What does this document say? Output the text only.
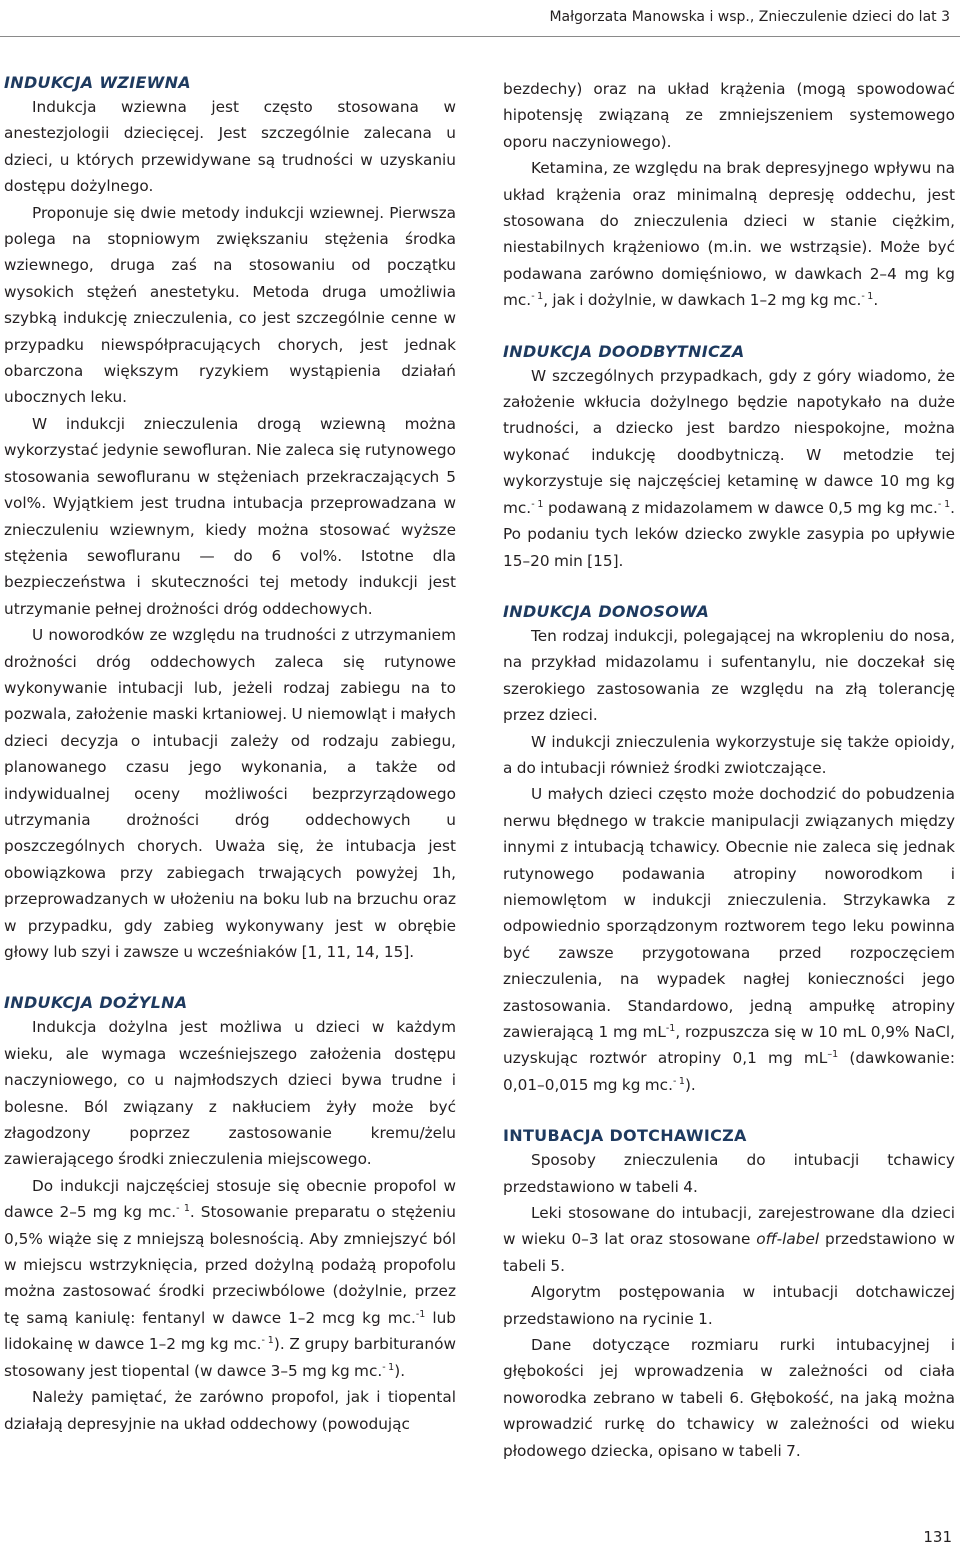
Małgorzata Manowska i wsp., Znieczulenie dzieci do lat 3
INDUKCJA WZIEWNA

Indukcja wziewna jest często stosowana w anestezjologii dziecięcej. Jest szczególnie zalecana u dzieci, u których przewidywane są trudności w uzyskaniu dostępu dożylnego.

Proponuje się dwie metody indukcji wziewnej. Pierwsza polega na stopniowym zwiększaniu stężenia środka wziewnego, druga zaś na stosowaniu od początku wysokich stężeń anestetyku. Metoda druga umożliwia szybką indukcję znieczulenia, co jest szczególnie cenne w przypadku niewspółpracujących chorych, jest jednak obarczona większym ryzykiem wystąpienia działań ubocznych leku.

W indukcji znieczulenia drogą wziewną można wykorzystać jedynie sewofluran. Nie zaleca się rutynowego stosowania sewofluranu w stężeniach przekraczających 5 vol%. Wyjątkiem jest trudna intubacja przeprowadzana w znieczuleniu wziewnym, kiedy można stosować wyższe stężenia sewofluranu — do 6 vol%. Istotne dla bezpieczeństwa i skuteczności tej metody indukcji jest utrzymanie pełnej drożności dróg oddechowych.

U noworodków ze względu na trudności z utrzymaniem drożności dróg oddechowych zaleca się rutynowe wykonywanie intubacji lub, jeżeli rodzaj zabiegu na to pozwala, założenie maski krtaniowej. U niemowląt i małych dzieci decyzja o intubacji zależy od rodzaju zabiegu, planowanego czasu jego wykonania, a także od indywidualnej oceny możliwości bezprzyrządowego utrzymania drożności dróg oddechowych u poszczególnych chorych. Uważa się, że intubacja jest obowiązkowa przy zabiegach trwających powyżej 1h, przeprowadzanych w ułożeniu na boku lub na brzuchu oraz w przypadku, gdy zabieg wykonywany jest w obrębie głowy lub szyi i zawsze u wcześniaków [1, 11, 14, 15].

INDUKCJA DOŻYLNA

Indukcja dożylna jest możliwa u dzieci w każdym wieku, ale wymaga wcześniejszego założenia dostępu naczyniowego, co u najmłodszych dzieci bywa trudne i bolesne. Ból związany z nakłuciem żyły może być złagodzony poprzez zastosowanie kremu/żelu zawierającego środki znieczulenia miejscowego.

Do indukcji najczęściej stosuje się obecnie propofol w dawce 2–5 mg kg mc.$^{- 1}$. Stosowanie preparatu o stężeniu 0,5% wiąże się z mniejszą bolesnością. Aby zmniejszyć ból w miejscu wstrzyknięcia, przed dożylną podażą propofolu można zastosować środki przeciwbólowe (dożylnie, przez tę samą kaniulę: fentanyl w dawce 1–2 mcg kg mc.$^{-1}$ lub lidokainę w dawce 1–2 mg kg mc.$^{- 1}$). Z grupy barbituranów stosowany jest tiopental (w dawce 3–5 mg kg mc.$^{- 1}$).

Należy pamiętać, że zarówno propofol, jak i tiopental działają depresyjnie na układ oddechowy (powodując

bezdechy) oraz na układ krążenia (mogą spowodować hipotensję związaną ze zmniejszeniem systemowego oporu naczyniowego).

Ketamina, ze względu na brak depresyjnego wpływu na układ krążenia oraz minimalną depresję oddechu, jest stosowana do znieczulenia dzieci w stanie ciężkim, niestabilnych krążeniowo (m.in. we wstrząsie). Może być podawana zarówno domięśniowo, w dawkach 2–4 mg kg mc.$^{- 1}$, jak i dożylnie, w dawkach 1–2 mg kg mc.$^{- 1}$.

INDUKCJA DOODBYTNICZA

W szczególnych przypadkach, gdy z góry wiadomo, że założenie wkłucia dożylnego będzie napotykało na duże trudności, a dziecko jest bardzo niespokojne, można wykonać indukcję doodbytniczą. W metodzie tej wykorzystuje się najczęściej ketaminę w dawce 10 mg kg mc.$^{- 1}$ podawaną z midazolamem w dawce 0,5 mg kg mc.$^{- 1}$. Po podaniu tych leków dziecko zwykle zasypia po upływie 15–20 min [15].

INDUKCJA DONOSOWA

Ten rodzaj indukcji, polegającej na wkropleniu do nosa, na przykład midazolamu i sufentanylu, nie doczekał się szerokiego zastosowania ze względu na złą tolerancję przez dzieci.

W indukcji znieczulenia wykorzystuje się także opioidy, a do intubacji również środki zwiotczające.

U małych dzieci często może dochodzić do pobudzenia nerwu błędnego w trakcie manipulacji związanych między innymi z intubacją tchawicy. Obecnie nie zaleca się jednak rutynowego podawania atropiny noworodkom i niemowlętom w indukcji znieczulenia. Strzykawka z odpowiednio sporządzonym roztworem tego leku powinna być zawsze przygotowana przed rozpoczęciem znieczulenia, na wypadek nagłej konieczności jego zastosowania. Standardowo, jedną ampułkę atropiny zawierającą 1 mg $mL^{-1}$, rozpuszcza się w 10 mL 0,9% NaCl, uzyskując roztwór atropiny 0,1 mg $mL^{-1}$ (dawkowanie: 0,01–0,015 mg kg mc.$^{- 1}$).

INTUBACJA DOTCHAWICZA

Sposoby znieczulenia do intubacji tchawicy przedstawiono w tabeli 4.

Leki stosowane do intubacji, zarejestrowane dla dzieci w wieku 0–3 lat oraz stosowane off-label przedstawiono w tabeli 5.

Algorytm postępowania w intubacji dotchawiczej przedstawiono na rycinie 1.

Dane dotyczące rozmiaru rurki intubacyjnej i głębokości jej wprowadzenia w zależności od ciała noworodka zebrano w tabeli 6. Głębokość, na jaką można wprowadzić rurkę do tchawicy w zależności od wieku płodowego dziecka, opisano w tabeli 7.

131
